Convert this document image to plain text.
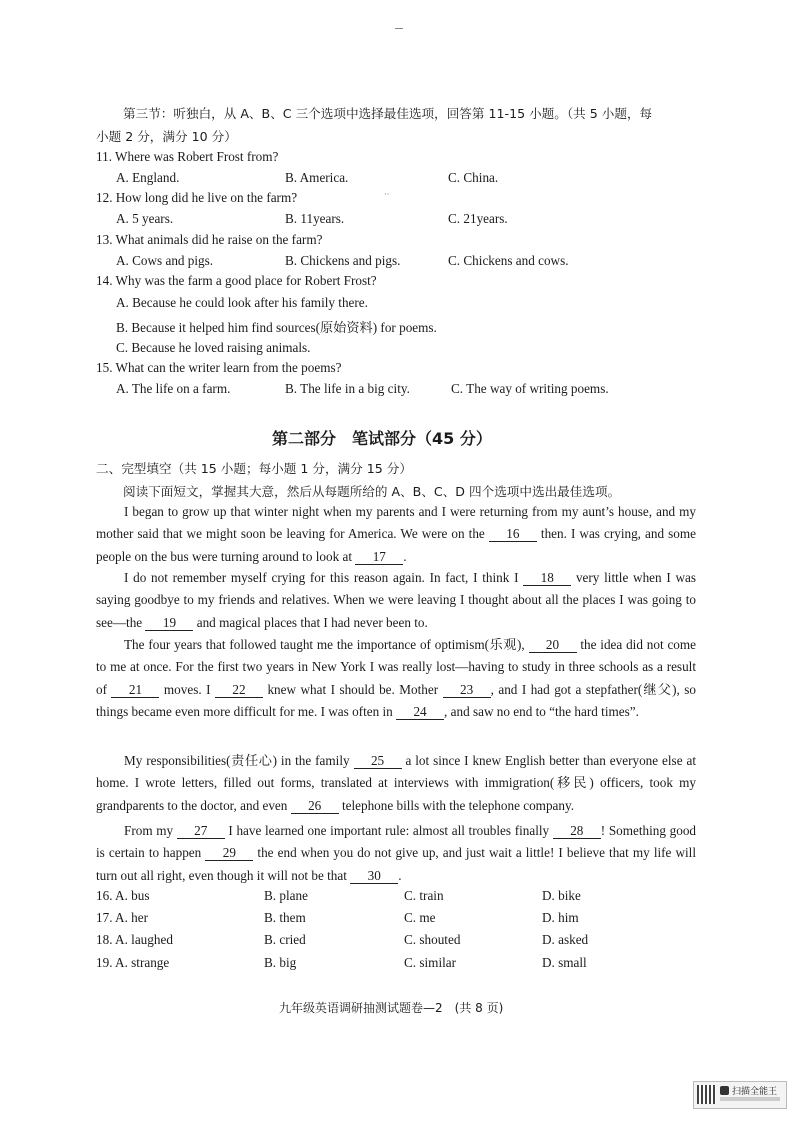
第三节：听独白，从 A、B、C 三个选项中选择最佳选项，回答第 11-15 小题。（共 5 小题，每
小题 2 分，满分 10 分）
11. Where was Robert Frost from?
A. England.	B. America.	C. China.
··
12. How long did he live on the farm?
A. 5 years.	B. 11years.	C. 21years.
13. What animals did he raise on the farm?
A. Cows and pigs.	B. Chickens and pigs.	C. Chickens and cows.
14. Why was the farm a good place for Robert Frost?
A. Because he could look after his family there.
B. Because it helped him find sources(原始资料) for poems.
C. Because he loved raising animals.
15. What can the writer learn from the poems?
A. The life on a farm.	B. The life in a big city.	C. The way of writing poems.
第二部分　笔试部分（45 分）
二、完型填空（共 15 小题；每小题 1 分，满分 15 分）
阅读下面短文，掌握其大意，然后从每题所给的 A、B、C、D 四个选项中选出最佳选项。
I began to grow up that winter night when my parents and I were returning from my aunt’s house, and my mother said that we might soon be leaving for America. We were on the 16 then. I was crying, and some people on the bus were turning around to look at 17 .
I do not remember myself crying for this reason again. In fact, I think I 18 very little when I was saying goodbye to my friends and relatives. When we were leaving I thought about all the places I was going to see—the 19 and magical places that I had never been to.
The four years that followed taught me the importance of optimism(乐观), 20 the idea did not come to me at once. For the first two years in New York I was really lost—having to study in three schools as a result of 21 moves. I 22 knew what I should be. Mother 23 , and I had got a stepfather(继父), so things became even more difficult for me. I was often in 24 , and saw no end to “the hard times”.
My responsibilities(责任心) in the family 25 a lot since I knew English better than everyone else at home. I wrote letters, filled out forms, translated at interviews with immigration(移民) officers, took my grandparents to the doctor, and even 26 telephone bills with the telephone company.
From my 27 I have learned one important rule: almost all troubles finally 28 ! Something good is certain to happen 29 the end when you do not give up, and just wait a little! I believe that my life will turn out all right, even though it will not be that 30 .
16. A. bus	B. plane	C. train	D. bike
17. A. her	B. them	C. me	D. him
18. A. laughed	B. cried	C. shouted	D. asked
19. A. strange	B. big	C. similar	D. small
九年级英语调研抽测试题卷—2　(共 8 页)
扫描全能王
